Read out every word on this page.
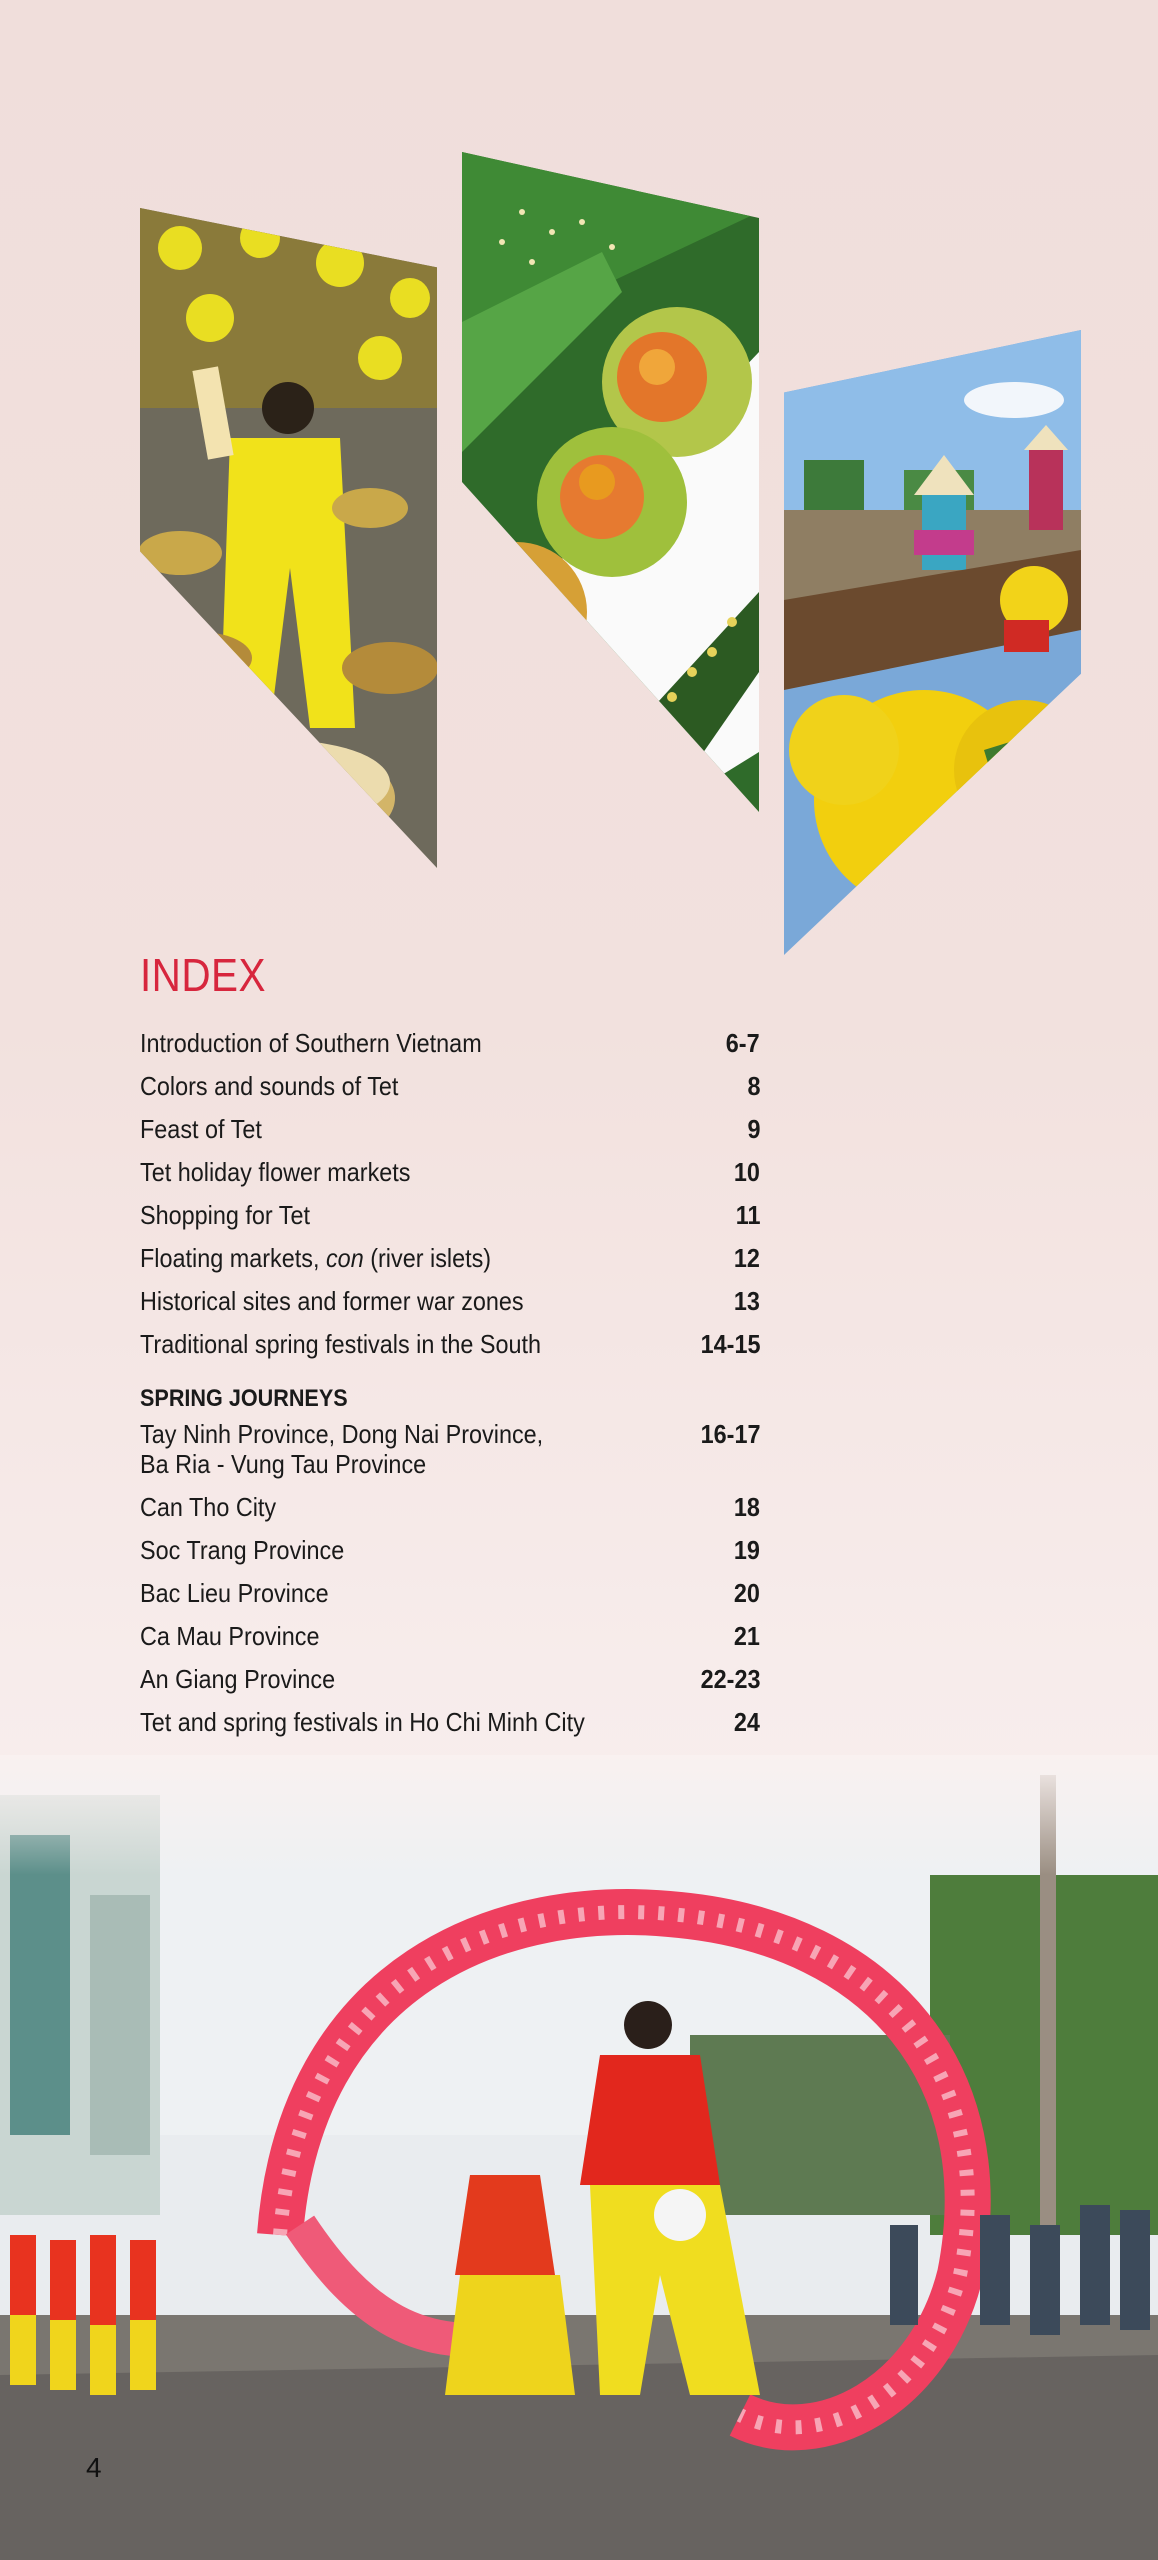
INDEX
Introduction of Southern Vietnam	6-7
Colors and sounds of Tet	8
Feast of Tet	9
Tet holiday flower markets	10
Shopping for Tet	11
Floating markets, con (river islets)	12
Historical sites and former war zones	13
Traditional spring festivals in the South	14-15
SPRING JOURNEYS
Tay Ninh Province, Dong Nai Province,
Ba Ria - Vung Tau Province
16-17
Can Tho City	18
Soc Trang Province	19
Bac Lieu Province	20
Ca Mau Province	21
An Giang Province	22-23
Tet and spring festivals in Ho Chi Minh City	24
4
